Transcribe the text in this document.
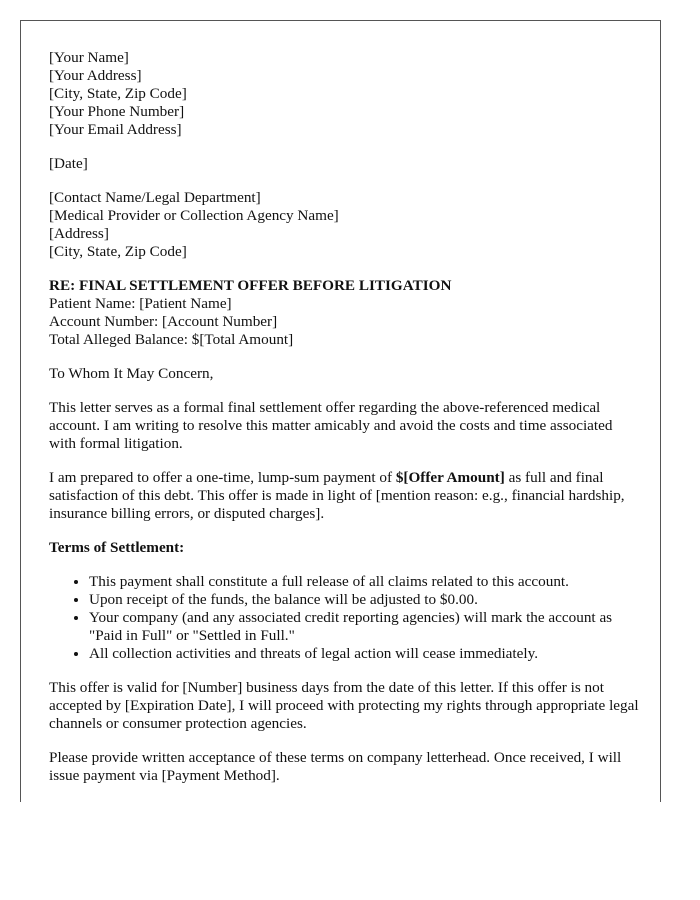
[Your Name]
[Your Address]
[City, State, Zip Code]
[Your Phone Number]
[Your Email Address]
[Date]
[Contact Name/Legal Department]
[Medical Provider or Collection Agency Name]
[Address]
[City, State, Zip Code]
RE: FINAL SETTLEMENT OFFER BEFORE LITIGATION
Patient Name: [Patient Name]
Account Number: [Account Number]
Total Alleged Balance: $[Total Amount]

To Whom It May Concern,

This letter serves as a formal final settlement offer regarding the above-referenced medical account. I am writing to resolve this matter amicably and avoid the costs and time associated with formal litigation.

I am prepared to offer a one-time, lump-sum payment of $[Offer Amount] as full and final satisfaction of this debt. This offer is made in light of [mention reason: e.g., financial hardship, insurance billing errors, or disputed charges].

Terms of Settlement:

• This payment shall constitute a full release of all claims related to this account.
• Upon receipt of the funds, the balance will be adjusted to $0.00.
• Your company (and any associated credit reporting agencies) will mark the account as "Paid in Full" or "Settled in Full."
• All collection activities and threats of legal action will cease immediately.

This offer is valid for [Number] business days from the date of this letter. If this offer is not accepted by [Expiration Date], I will proceed with protecting my rights through appropriate legal channels or consumer protection agencies.

Please provide written acceptance of these terms on company letterhead. Once received, I will issue payment via [Payment Method].
